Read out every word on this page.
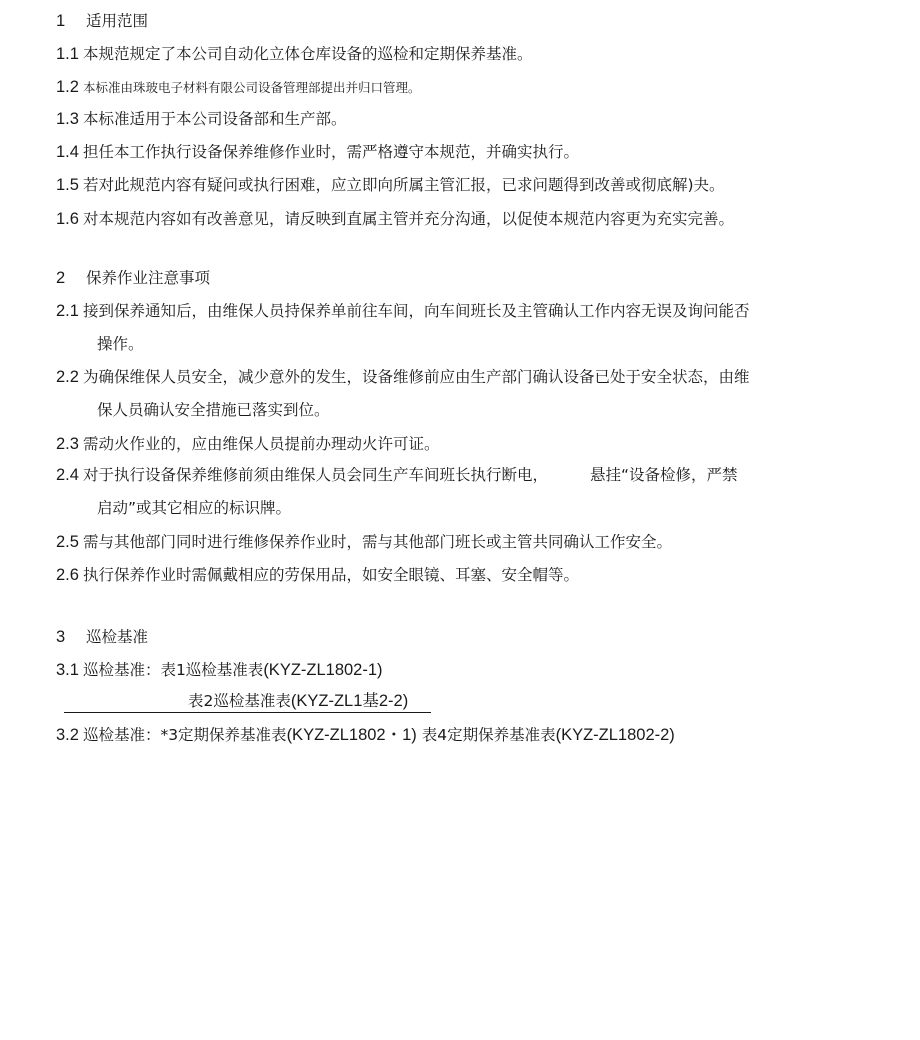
1 适用范围
1.1 本规范规定了本公司自动化立体仓库设备的巡检和定期保养基准。
1.2 本标准由珠玻电子材料有限公司设备管理部提出并归口管理。
1.3 本标准适用于本公司设备部和生产部。
1.4 担任本工作执行设备保养维修作业时，需严格遵守本规范，并确实执行。
1.5 若对此规范内容有疑问或执行困难，应立即向所属主管汇报，已求问题得到改善或彻底解)夬。
1.6 对本规范内容如有改善意见，请反映到直属主管并充分沟通，以促使本规范内容更为充实完善。
2 保养作业注意事项
2.1 接到保养通知后，由维保人员持保养单前往车间，向车间班长及主管确认工作内容无误及询问能否
操作。
2.2 为确保维保人员安全，减少意外的发生，设备维修前应由生产部门确认设备已处于安全状态，由维
保人员确认安全措施已落实到位。
2.3 需动火作业的，应由维保人员提前办理动火许可证。
2.4 对于执行设备保养维修前须由维保人员会同生产车间班长执行断电，	悬挂“设备检修，严禁
启动”或其它相应的标识牌。
2.5 需与其他部门同时进行维修保养作业时，需与其他部门班长或主管共同确认工作安全。
2.6 执行保养作业时需佩戴相应的劳保用品，如安全眼镜、耳塞、安全帽等。
3 巡检基准
3.1 巡检基准：表1巡检基准表(KYZ-ZL1802-1)
表2巡检基准表(KYZ-ZL1基2-2)
3.2 巡检基准：*3定期保养基准表(KYZ-ZL1802・1) 表4定期保养基准表(KYZ-ZL1802-2)
